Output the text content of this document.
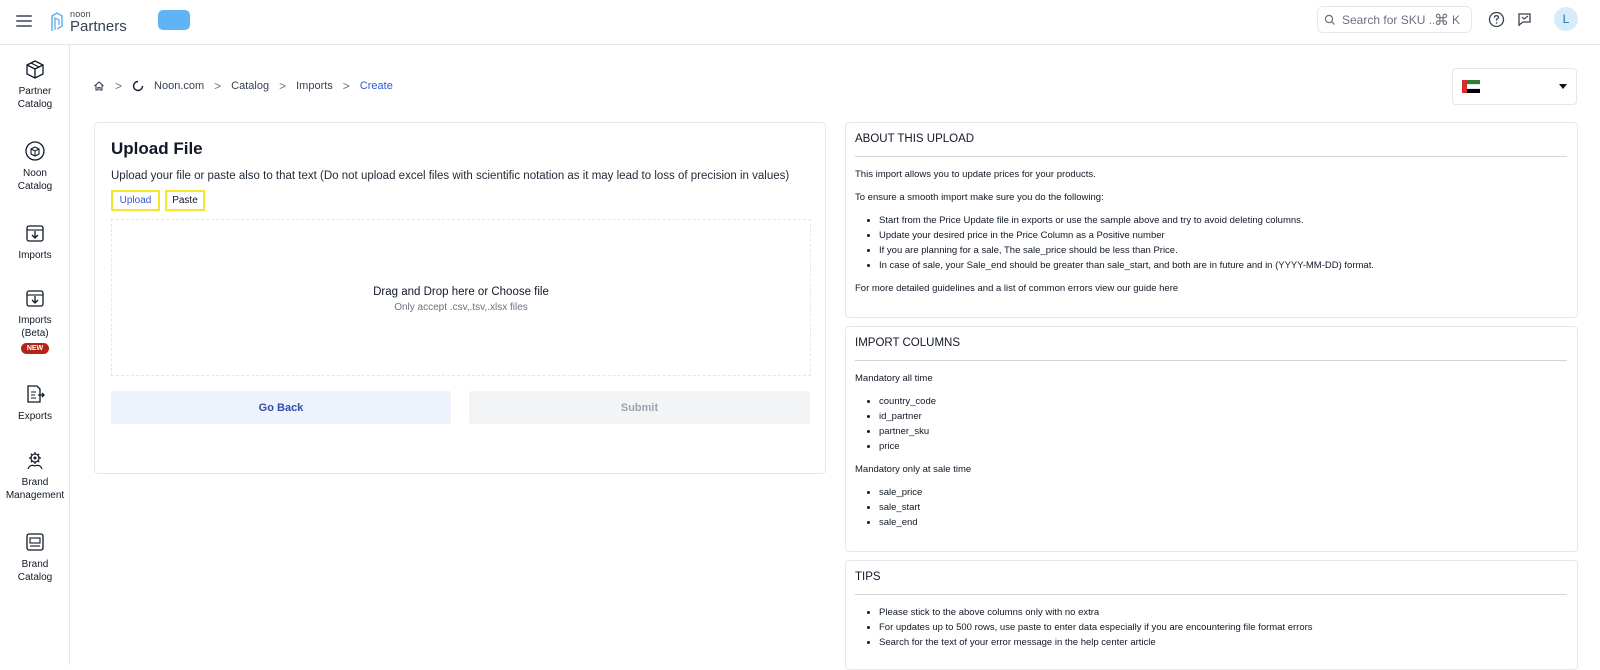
noon
Partners
Search for SKU ...	⌘ K	L
Partner Catalog
Noon Catalog
Imports
Imports (Beta)
NEW
Exports
Brand Management
Brand Catalog
>	Noon.com > Catalog > Imports > Create
Upload File
Upload your file or paste also to that text (Do not upload excel files with scientific notation as it may lead to loss of precision in values)
Upload	Paste
Drag and Drop here or Choose file
Only accept .csv,.tsv,.xlsx files
Go Back	Submit
ABOUT THIS UPLOAD

This import allows you to update prices for your products.

To ensure a smooth import make sure you do the following:

• Start from the Price Update file in exports or use the sample above and try to avoid deleting columns.
• Update your desired price in the Price Column as a Positive number
• If you are planning for a sale, The sale_price should be less than Price.
• In case of sale, your Sale_end should be greater than sale_start, and both are in future and in (YYYY-MM-DD) format.

For more detailed guidelines and a list of common errors view our guide here

IMPORT COLUMNS

Mandatory all time

• country_code
• id_partner
• partner_sku
• price

Mandatory only at sale time

• sale_price
• sale_start
• sale_end
TIPS
• Please stick to the above columns only with no extra
• For updates up to 500 rows, use paste to enter data especially if you are encountering file format errors
• Search for the text of your error message in the help center article
